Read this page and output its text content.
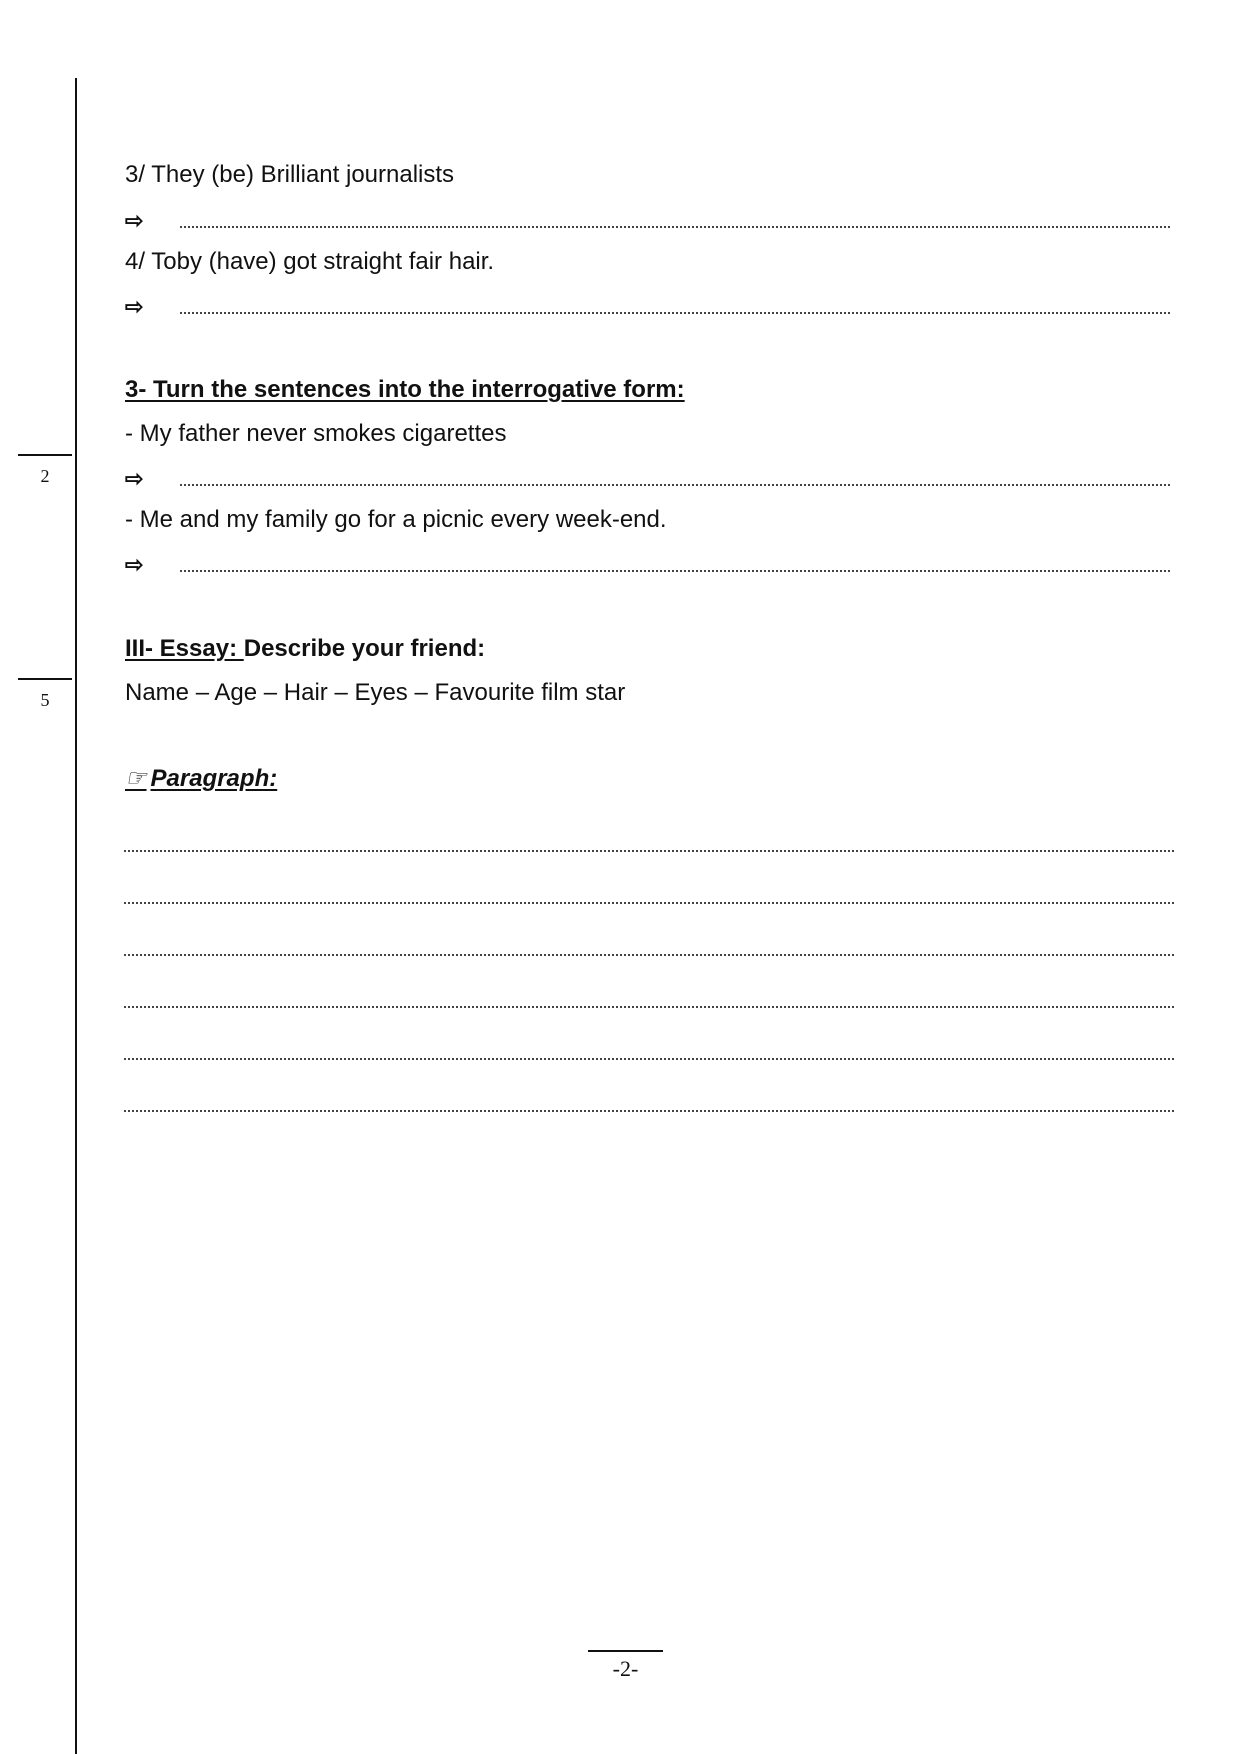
2
5
3/ They (be) Brilliant journalists
⇨
4/ Toby (have) got straight fair hair.
⇨
3- Turn the sentences into the interrogative form:
- My father never smokes cigarettes
⇨
- Me and my family go for a picnic every week-end.
⇨
III- Essay: Describe your friend:
Name – Age – Hair – Eyes – Favourite film star
☞ Paragraph:
-2-
